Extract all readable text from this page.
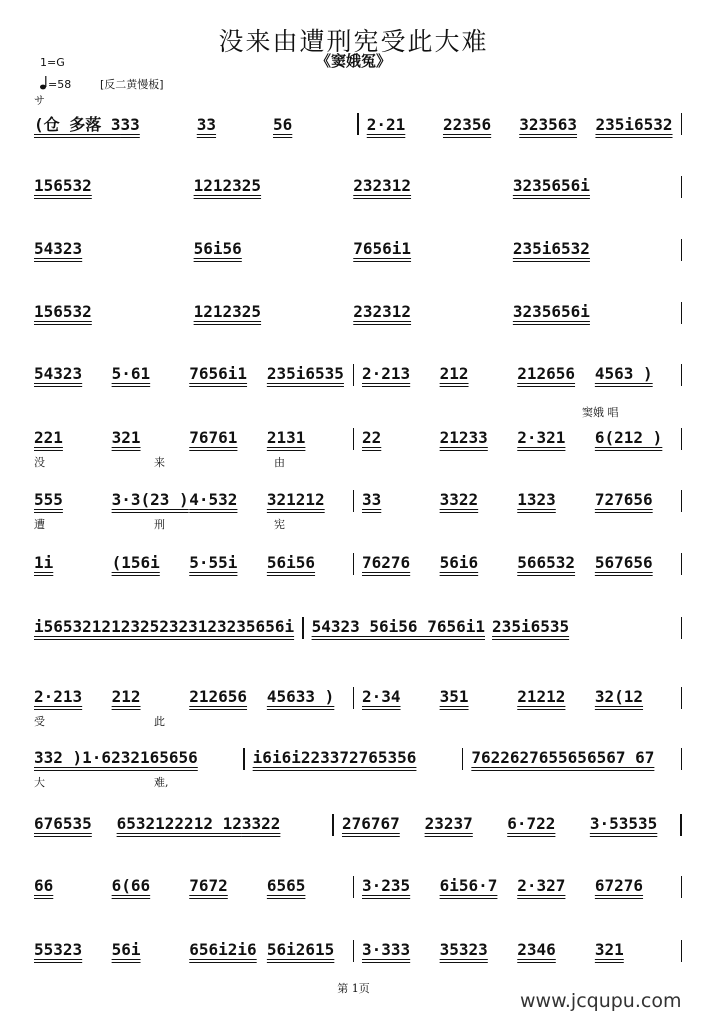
没来由遭刑宪受此大难
《窦娥冤》
1=G
=58	[反二黄慢板]
サ
窦娥 唱
(仓 多落 3 33	33	56	2·21	22356	323563	235i6532
156532	1212325	232312	3235656i
54323	56i56	7656i1	235i6532
156532	1212325	232312	3235656i
54323	5·61	7656i1	235i6535 2·213	212	212656	4563 )
221	321	76761	2131	22	21233	2·321	6(212 )
没	来	由
555	3·3(23 ) 4·532	321212	33	3322	1323	727656
遭	刑	宪
1i	(156i	5·55i	56i56	76276	56i6	566532	567656
i5653212123252323123235656i 54323 56i56 7656i1 235i6535
2·213	212	212656	45633 )	2·34	351	21212	32(12
受	此
332 )1·6232165656	i6i6i223372765356	7622627655656567 67
大	难,
676535	6532122212 12 3322	276767	23237	6·722	3·53535
66	6(66	7672	6565	3·235	6i56·7	2·327	67276
55323	56i	656i2i6 56i2615	3·333	35323	2346	321
第 1页
www.jcqupu.com
